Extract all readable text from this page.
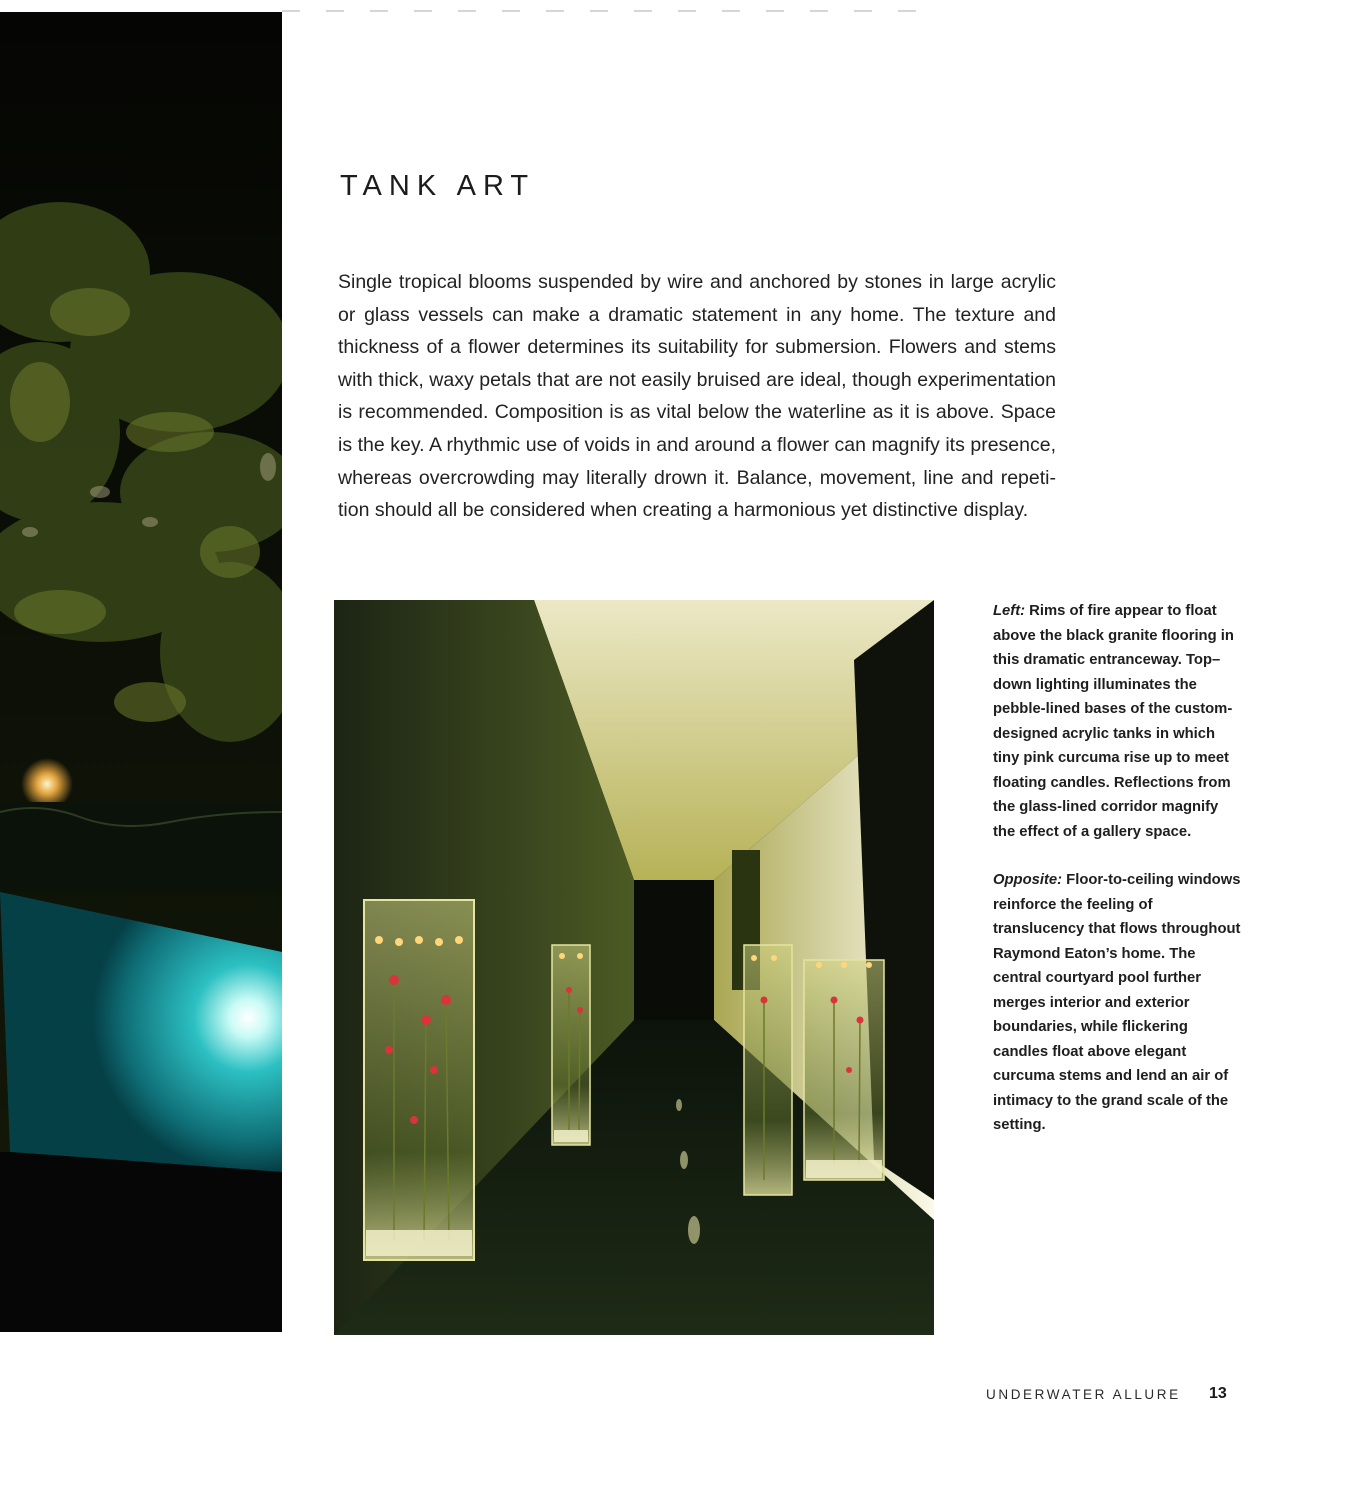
TANK ART

Single tropical blooms suspended by wire and anchored by stones in large acrylic or glass vessels can make a dramatic statement in any home. The texture and thickness of a flower determines its suitability for submersion. Flowers and stems with thick, waxy petals that are not easily bruised are ideal, though experimentation is recommended. Composition is as vital below the waterline as it is above. Space is the key. A rhythmic use of voids in and around a flower can magnify its presence, whereas overcrowding may literally drown it. Balance, movement, line and repetition should all be considered when creating a harmonious yet distinctive display.

Left: Rims of fire appear to float above the black granite flooring in this dramatic entranceway. Top–down lighting illuminates the pebble-lined bases of the custom-designed acrylic tanks in which tiny pink curcuma rise up to meet floating candles. Reflections from the glass-lined corridor magnify the effect of a gallery space.

Opposite: Floor-to-ceiling windows reinforce the feeling of translucency that flows throughout Raymond Eaton’s home. The central courtyard pool further merges interior and exterior boundaries, while flickering candles float above elegant curcuma stems and lend an air of intimacy to the grand scale of the setting.

UNDERWATER ALLURE 13
